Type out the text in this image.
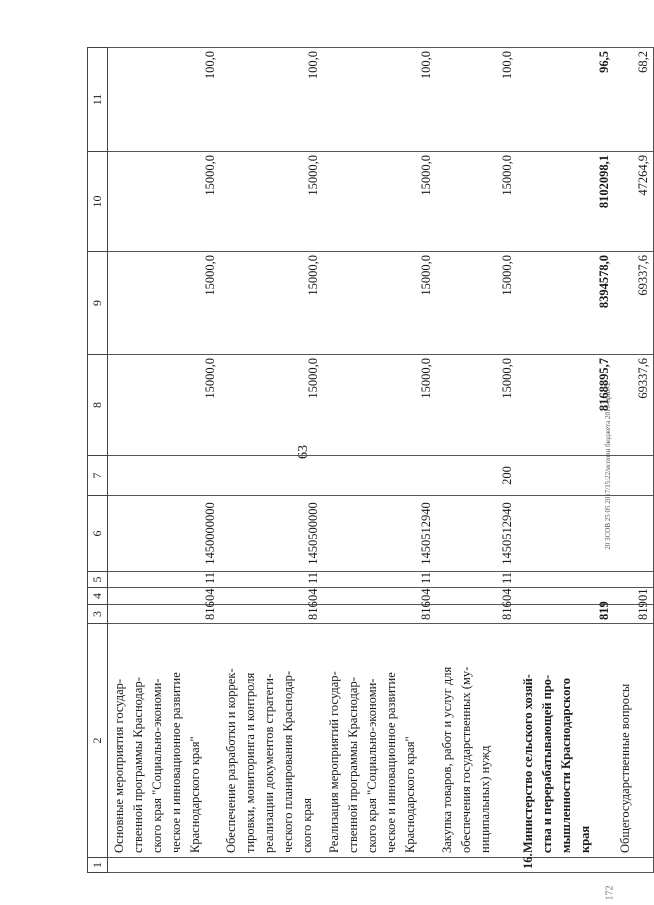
63
1	2	3	4	5	6	7	8	9	10	11

	Основные мероприятия государ- ственной программы Краснодар- ского края "Социально-экономи- ческое и инновационное развитие Краснодарского края"	816	04	11	1450000000		15000,0	15000,0	15000,0	100,0

	Обеспечение разработки и коррек- тировки, мониторинга и контроля реализации документов стратеги- ческого планирования Краснодар- ского края	816	04	11	1450500000		15000,0	15000,0	15000,0	100,0

	Реализация мероприятий государ- ственной программы Краснодар- ского края "Социально-экономи- ческое и инновационное развитие Краснодарского края"	816	04	11	1450512940		15000,0	15000,0	15000,0	100,0

	Закупка товаров, работ и услуг для обеспечения государственных (му- ниципальных) нужд	816	04	11	1450512940	200	15000,0	15000,0	15000,0	100,0
16.	Министерство сельского хозяй- ства и перерабатывающей про- мышленности Краснодарского края	819					8168895,7	8394578,0	8102098,1	96,5

	Общегосударственные вопросы	819	01				69337,6	69337,6	47264,9	68,2
20 ЗСОВ 25 05 2017/15:22/исполн бюджета 2016-прил-2
172
